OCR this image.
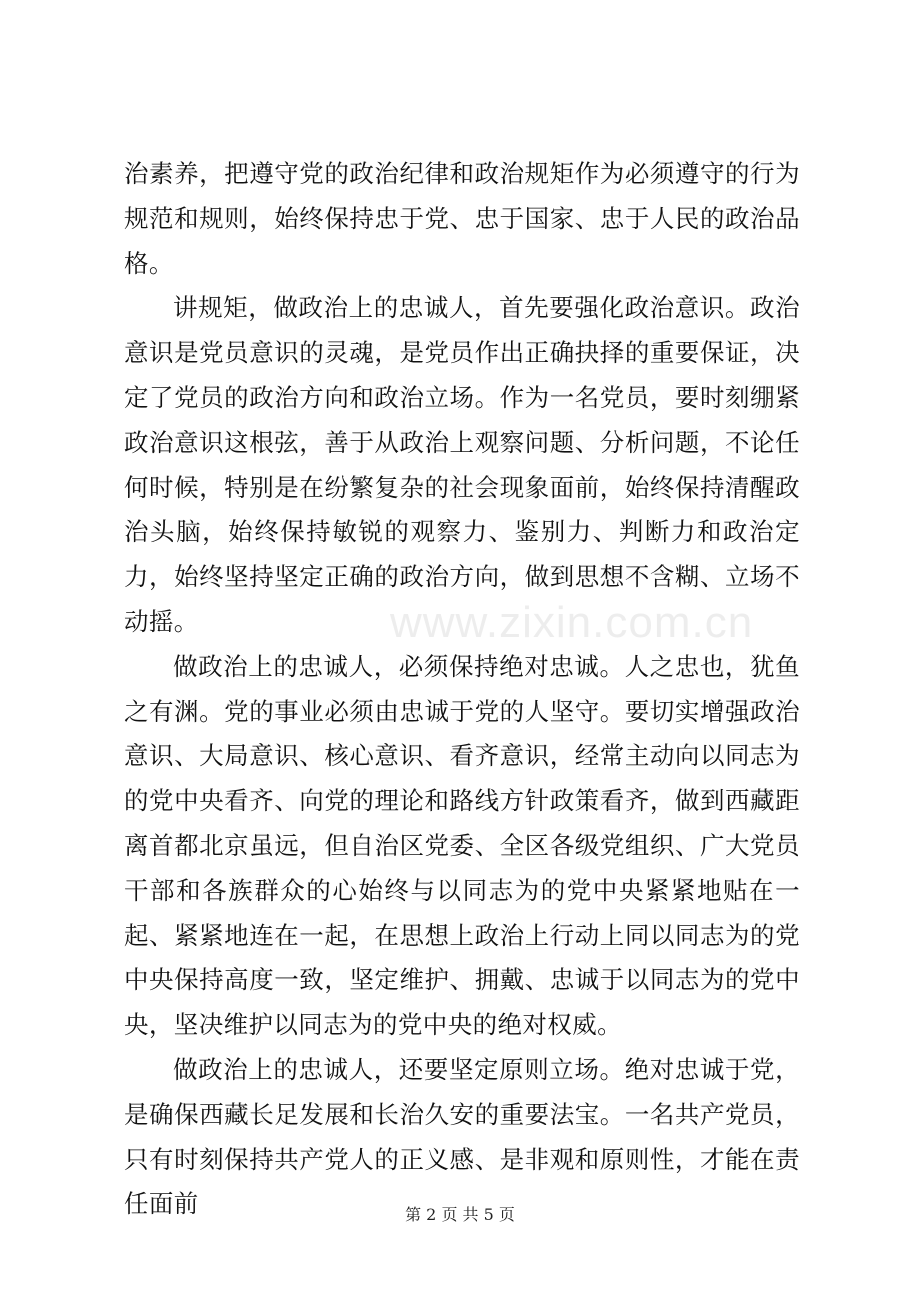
www.zixin.com.cn

治素养，把遵守党的政治纪律和政治规矩作为必须遵守的行为规范和规则，始终保持忠于党、忠于国家、忠于人民的政治品格。

讲规矩，做政治上的忠诚人，首先要强化政治意识。政治意识是党员意识的灵魂，是党员作出正确抉择的重要保证，决定了党员的政治方向和政治立场。作为一名党员，要时刻绷紧政治意识这根弦，善于从政治上观察问题、分析问题，不论任何时候，特别是在纷繁复杂的社会现象面前，始终保持清醒政治头脑，始终保持敏锐的观察力、鉴别力、判断力和政治定力，始终坚持坚定正确的政治方向，做到思想不含糊、立场不动摇。

做政治上的忠诚人，必须保持绝对忠诚。人之忠也，犹鱼之有渊。党的事业必须由忠诚于党的人坚守。要切实增强政治意识、大局意识、核心意识、看齐意识，经常主动向以同志为的党中央看齐、向党的理论和路线方针政策看齐，做到西藏距离首都北京虽远，但自治区党委、全区各级党组织、广大党员干部和各族群众的心始终与以同志为的党中央紧紧地贴在一起、紧紧地连在一起，在思想上政治上行动上同以同志为的党中央保持高度一致，坚定维护、拥戴、忠诚于以同志为的党中央，坚决维护以同志为的党中央的绝对权威。

做政治上的忠诚人，还要坚定原则立场。绝对忠诚于党，是确保西藏长足发展和长治久安的重要法宝。一名共产党员，只有时刻保持共产党人的正义感、是非观和原则性，才能在责任面前	第 2 页 共 5 页
